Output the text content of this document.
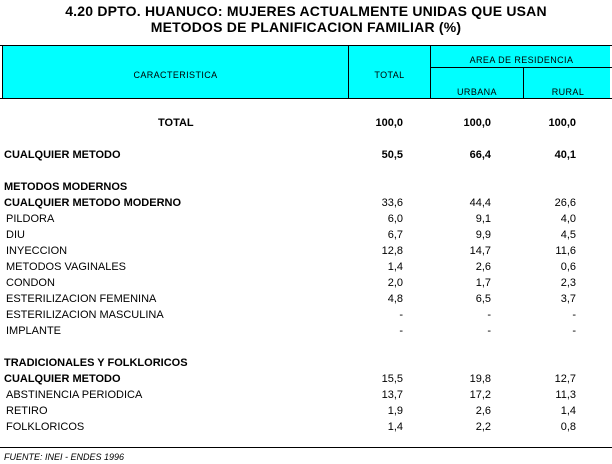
4.20 DPTO. HUANUCO: MUJERES ACTUALMENTE UNIDAS QUE USAN
METODOS DE PLANIFICACION FAMILIAR (%)
CARACTERISTICA	TOTAL
AREA DE RESIDENCIA
URBANA	RURAL
TOTAL	100,0	100,0	100,0
CUALQUIER METODO	50,5	66,4	40,1
METODOS MODERNOS
CUALQUIER METODO MODERNO	33,6	44,4	26,6
PILDORA	6,0	9,1	4,0
DIU	6,7	9,9	4,5
INYECCION	12,8	14,7	11,6
METODOS VAGINALES	1,4	2,6	0,6
CONDON	2,0	1,7	2,3
ESTERILIZACION FEMENINA	4,8	6,5	3,7
ESTERILIZACION MASCULINA	-	-	-
IMPLANTE	-	-	-
TRADICIONALES Y FOLKLORICOS
CUALQUIER METODO	15,5	19,8	12,7
ABSTINENCIA PERIODICA	13,7	17,2	11,3
RETIRO	1,9	2,6	1,4
FOLKLORICOS	1,4	2,2	0,8
FUENTE: INEI - ENDES 1996
